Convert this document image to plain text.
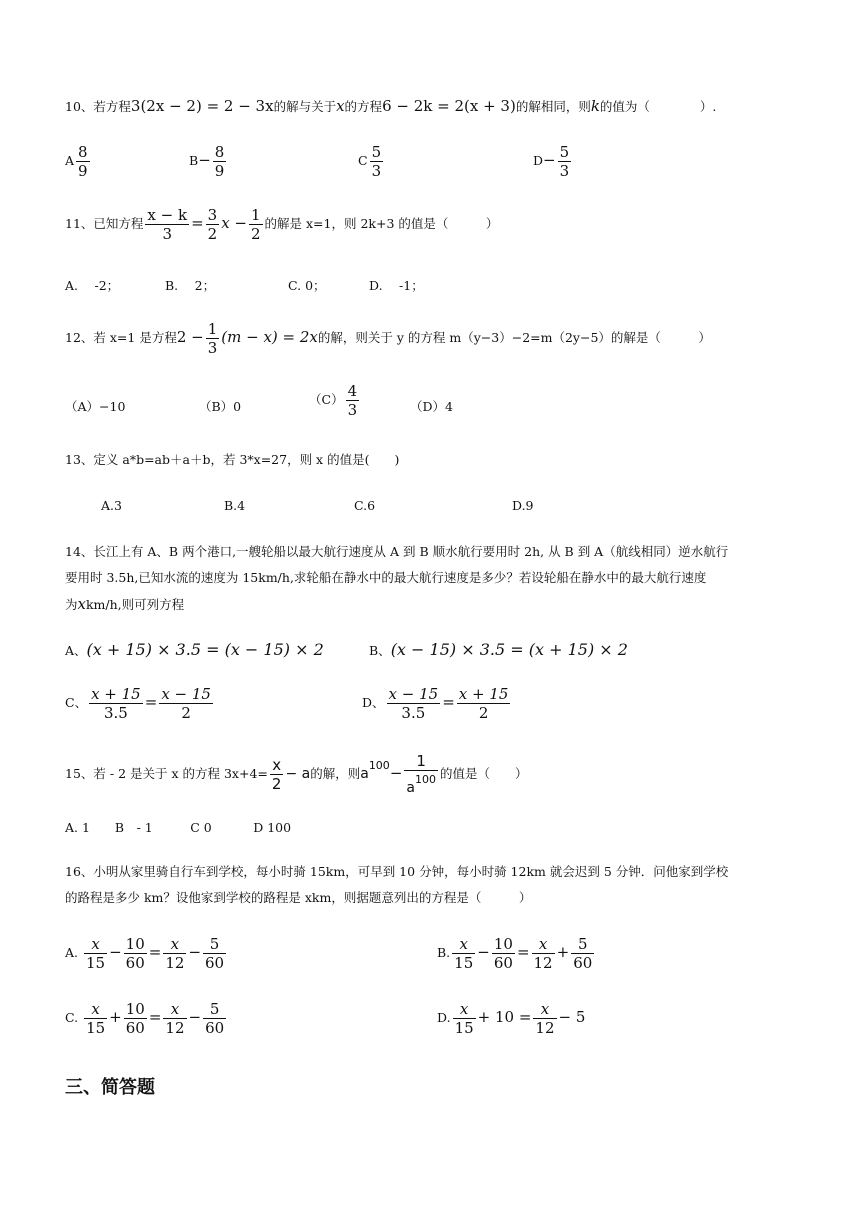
10、若方程3(2x − 2) = 2 − 3x的解与关于x的方程6 − 2k = 2(x + 3)的解相同，则k的值为（　　　　）.
A $\frac{8}{9}$	$B- \frac{8}{9}$	C $\frac{5}{3}$	$D- \frac{5}{3}$
11、已知方程 $\frac{x - k}{3} = \frac{3}{2}$ $x - \frac{1}{2}$ 的解是 x=1，则 2k+3 的值是（　　　）
A.　 -2；	B.　 2；	C. 0；	D.　 -1；
12、若 x=1 是方程$2 - \frac{1}{3} (m - x) = 2x$的解，则关于 y 的方程 m（y−3）−2=m（2y−5）的解是（　　　）
（A）−10	（B）0	$(C) \frac{4}{3}$	（D）4
13、定义 a*b=ab＋a＋b，若 3*x=27，则 x 的值是(　　)
A.3	B.4	C.6	D.9
14、长江上有 A、B 两个港口,一艘轮船以最大航行速度从 A 到 B 顺水航行要用时 2h, 从 B 到 A（航线相同）逆水航行
要用时 3.5h,已知水流的速度为 15km/h,求轮船在静水中的最大航行速度是多少？若设轮船在静水中的最大航行速度
为xkm/h,则可列方程
A、(x + 15) × 3.5 = (x − 15) × 2	B、(x − 15) × 3.5 = (x + 15) × 2
C、 $\frac{x + 15}{3.5} = \frac{x - 15}{2}$	D、 $\frac{x - 15}{3.5} = \frac{x + 15}{2}$
15、若 - 2 是关于 x 的方程 $3x+4= \frac{x}{2} - a$的解，则$a^{100}- \frac{1}{a^{100}}$ 的值是（　　）
A. 1　　B　- 1　　　C 0　　　 D 100
16、小明从家里骑自行车到学校，每小时骑 15km，可早到 10 分钟，每小时骑 12km 就会迟到 5 分钟．问他家到学校
的路程是多少 km？设他家到学校的路程是 xkm，则据题意列出的方程是（　　　）
A. $\frac{x}{15} - \frac{10}{60} = \frac{x}{12} - \frac{5}{60}$	B. $\frac{x}{15} - \frac{10}{60} = \frac{x}{12} + \frac{5}{60}$
C. $\frac{x}{15} + \frac{10}{60} = \frac{x}{12} - \frac{5}{60}$	D. $\frac{x}{15} + 10 = \frac{x}{12} - 5$
三、简答题
